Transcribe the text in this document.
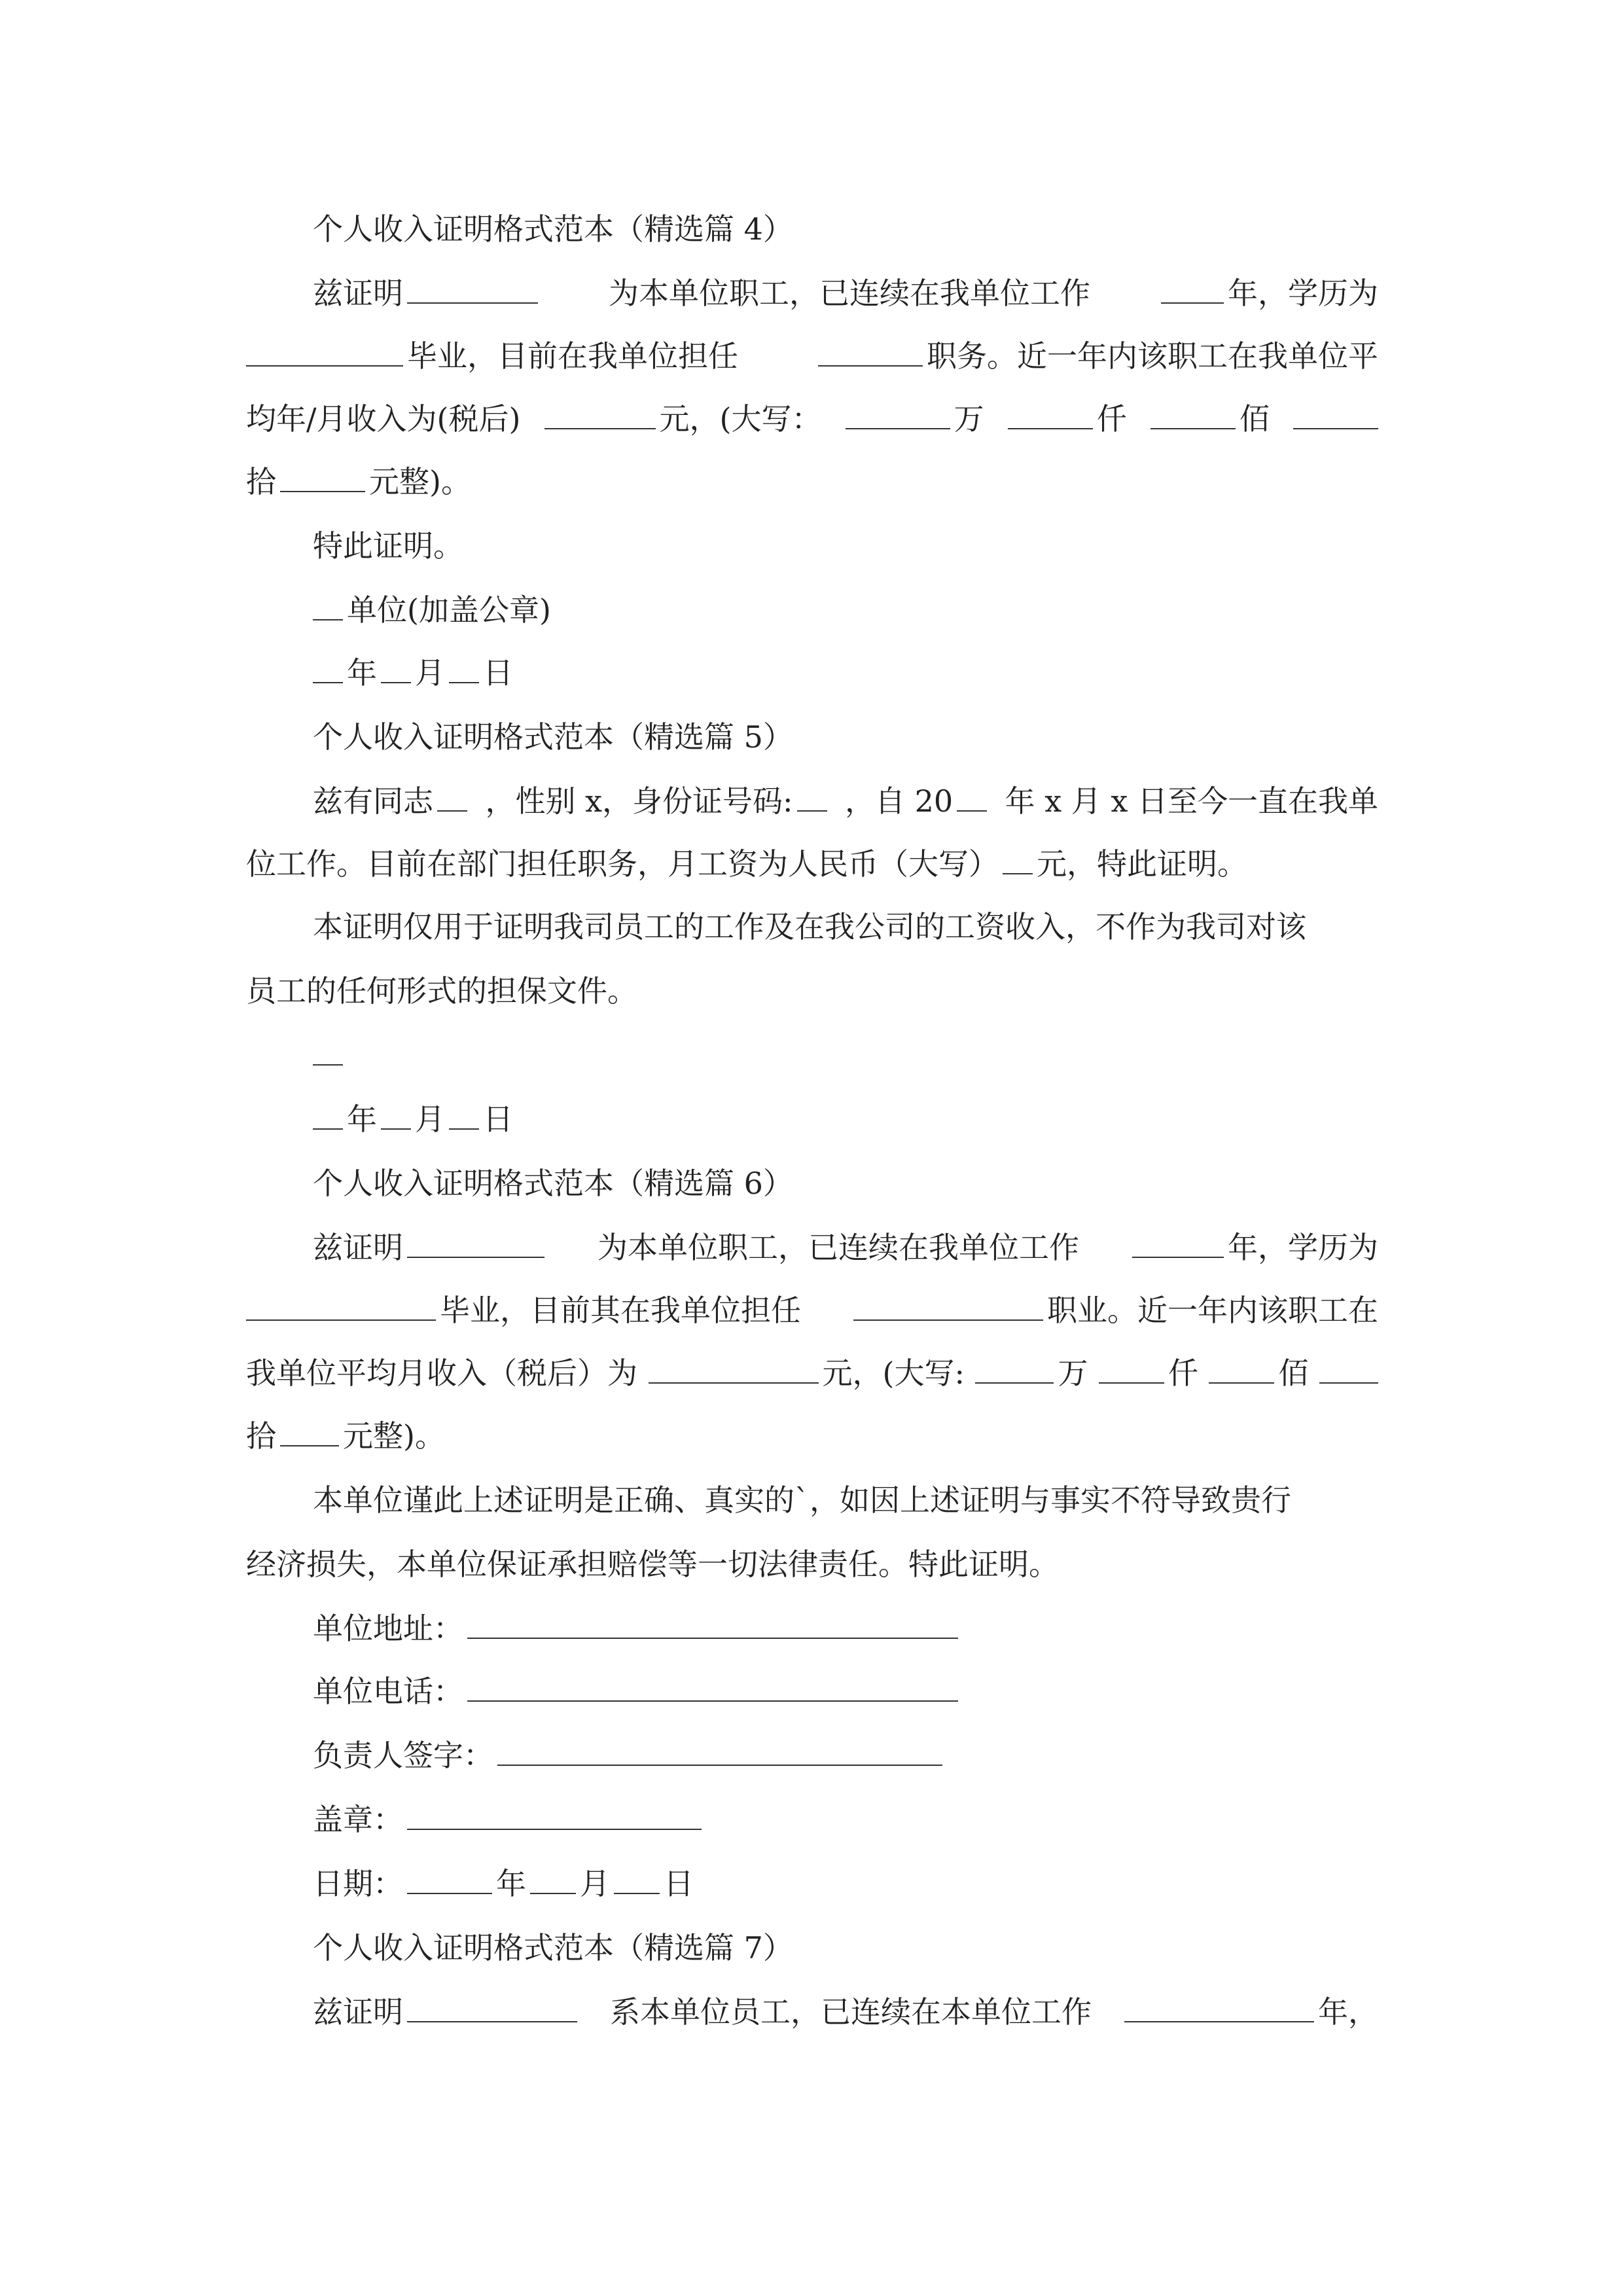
个人收入证明格式范本（精选篇 4）
兹证明	为本单位职工，已连续在我单位工作	年，学历为
毕业，目前在我单位担任	职务。近一年内该职工在我单位平
均年/月收入为(税后)	元，(大写：	万	仟	佰
拾	元整)。
特此证明。
单位(加盖公章)
年 月 日
个人收入证明格式范本（精选篇 5）
兹有同志	，性别 x，身份证号码:	，自 20	年 x 月 x 日至今一直在我单
位工作。目前在部门担任职务，月工资为人民币（大写） 元，特此证明。
本证明仅用于证明我司员工的工作及在我公司的工资收入，不作为我司对该
员工的任何形式的担保文件。
年 月 日
个人收入证明格式范本（精选篇 6）
兹证明	为本单位职工，已连续在我单位工作	年，学历为
毕业，目前其在我单位担任	职业。近一年内该职工在
我单位平均月收入（税后）为	元，(大写:	万	仟	佰
拾 元整)。
本单位谨此上述证明是正确、真实的`，如因上述证明与事实不符导致贵行
经济损失，本单位保证承担赔偿等一切法律责任。特此证明。
单位地址：
单位电话：
负责人签字：
盖章：
日期：	年 月 日
个人收入证明格式范本（精选篇 7）
兹证明	系本单位员工，已连续在本单位工作	年，
